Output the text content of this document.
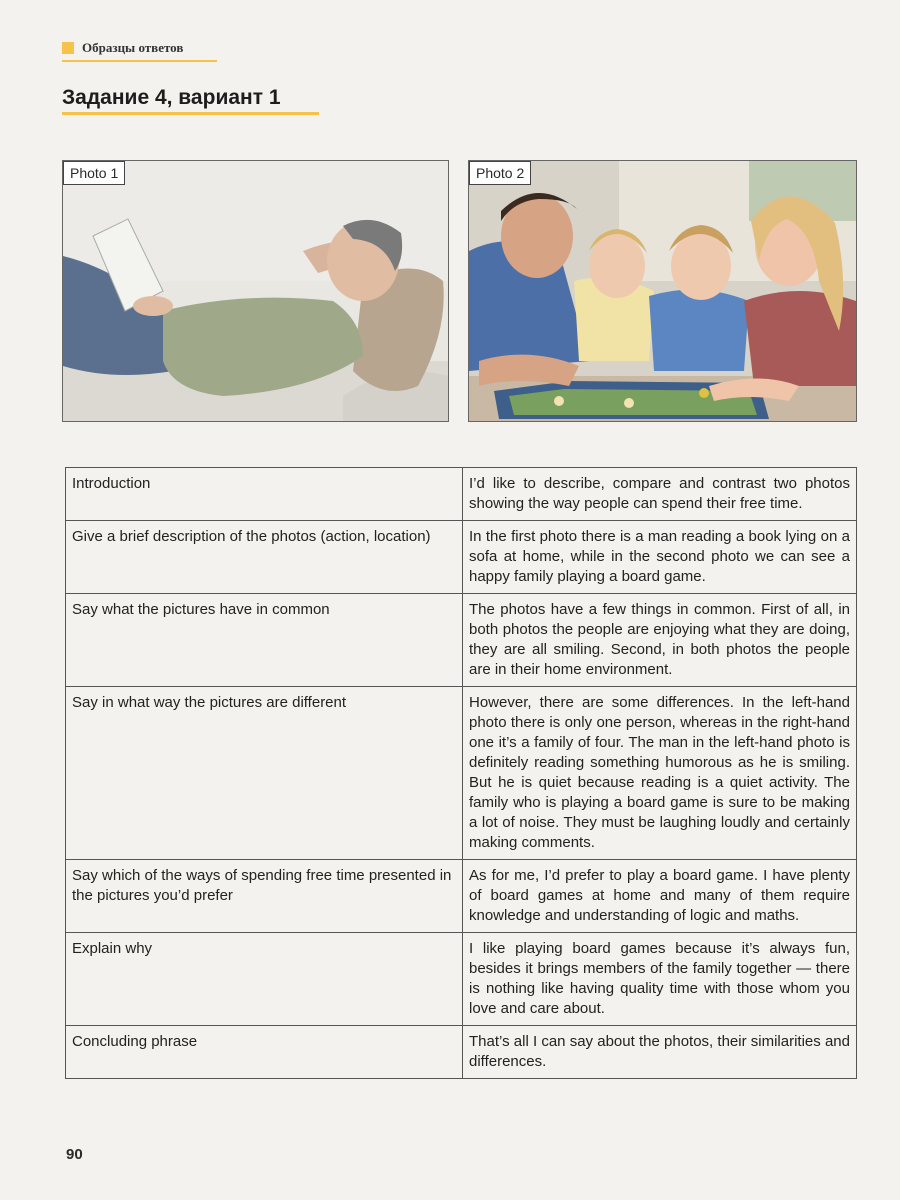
Образцы ответов
Задание 4, вариант 1
Photo 1	Photo 2
Introduction	I’d like to describe, compare and contrast two photos showing the way people can spend their free time.
Give a brief description of the photos (action, location)	In the first photo there is a man reading a book lying on a sofa at home, while in the second photo we can see a happy family playing a board game.
Say what the pictures have in common	The photos have a few things in common. First of all, in both photos the people are enjoying what they are doing, they are all smiling. Second, in both photos the people are in their home environment.
Say in what way the pictures are different	However, there are some differences. In the left-hand photo there is only one person, whereas in the right-hand one it’s a family of four. The man in the left-hand photo is definitely reading something humorous as he is smiling. But he is quiet because reading is a quiet activity. The family who is playing a board game is sure to be making a lot of noise. They must be laughing loudly and certainly making comments.
Say which of the ways of spending free time presented in the pictures you’d prefer	As for me, I’d prefer to play a board game. I have plenty of board games at home and many of them require knowledge and understanding of logic and maths.
Explain why	I like playing board games because it’s always fun, besides it brings members of the family together — there is nothing like having quality time with those whom you love and care about.
Concluding phrase	That’s all I can say about the photos, their similarities and differences.
90
